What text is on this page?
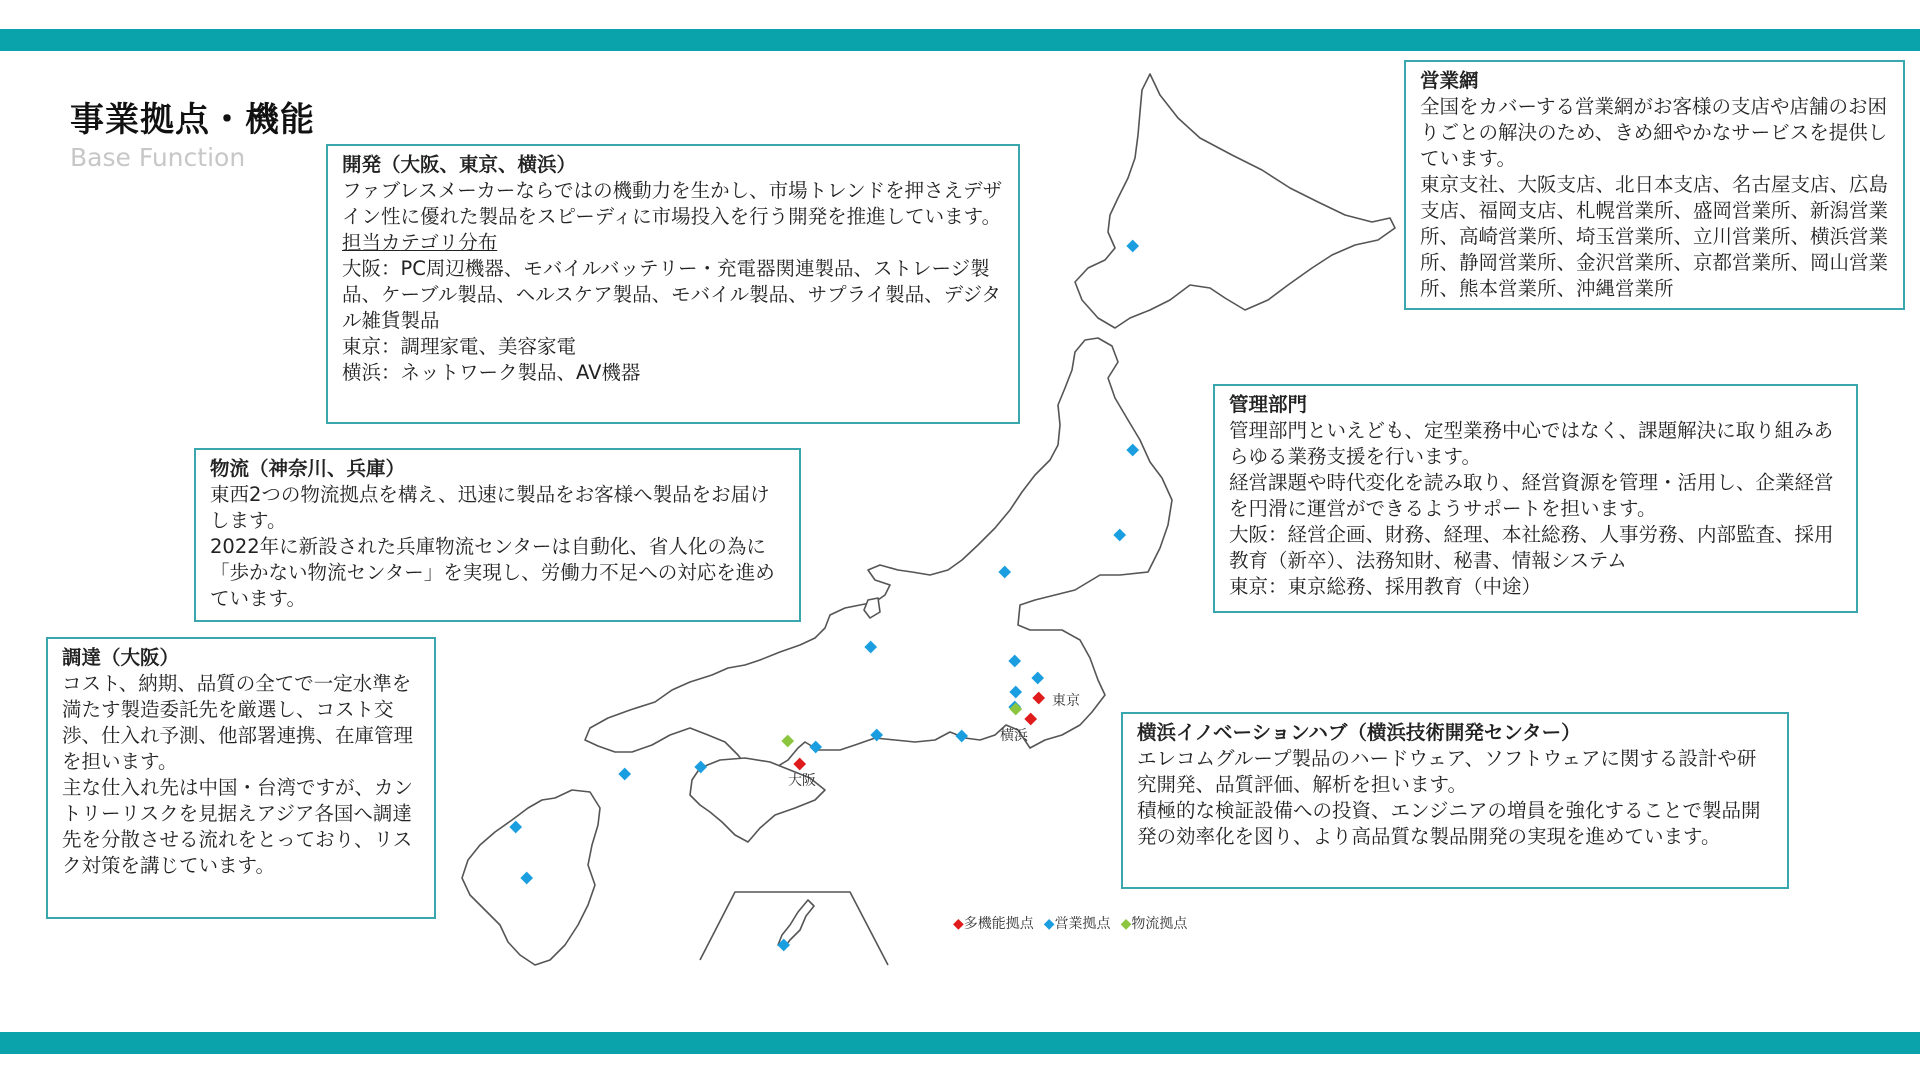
事業拠点・機能
Base Function
東京
横浜
大阪

開発（大阪、東京、横浜）

ファブレスメーカーならではの機動力を生かし、市場トレンドを押さえデザイン性に優れた製品をスピーディに市場投入を行う開発を推進しています。

担当カテゴリ分布

大阪：PC周辺機器、モバイルバッテリー・充電器関連製品、ストレージ製品、ケーブル製品、ヘルスケア製品、モバイル製品、サプライ製品、デジタル雑貨製品

東京：調理家電、美容家電

横浜：ネットワーク製品、AV機器

物流（神奈川、兵庫）

東西2つの物流拠点を構え、迅速に製品をお客様へ製品をお届けします。

2022年に新設された兵庫物流センターは自動化、省人化の為に「歩かない物流センター」を実現し、労働力不足への対応を進めています。

調達（大阪）

コスト、納期、品質の全てで一定水準を満たす製造委託先を厳選し、コスト交渉、仕入れ予測、他部署連携、在庫管理を担います。

主な仕入れ先は中国・台湾ですが、カントリーリスクを見据えアジア各国へ調達先を分散させる流れをとっており、リスク対策を講じています。

営業網

全国をカバーする営業網がお客様の支店や店舗のお困りごとの解決のため、きめ細やかなサービスを提供しています。

東京支社、大阪支店、北日本支店、名古屋支店、広島支店、福岡支店、札幌営業所、盛岡営業所、新潟営業所、高崎営業所、埼玉営業所、立川営業所、横浜営業所、静岡営業所、金沢営業所、京都営業所、岡山営業所、熊本営業所、沖縄営業所

管理部門

管理部門といえども、定型業務中心ではなく、課題解決に取り組みあらゆる業務支援を行います。

経営課題や時代変化を読み取り、経営資源を管理・活用し、企業経営を円滑に運営ができるようサポートを担います。

大阪：経営企画、財務、経理、本社総務、人事労務、内部監査、採用教育（新卒）、法務知財、秘書、情報システム

東京：東京総務、採用教育（中途）

横浜イノベーションハブ（横浜技術開発センター）

エレコムグループ製品のハードウェア、ソフトウェアに関する設計や研究開発、品質評価、解析を担います。

積極的な検証設備への投資、エンジニアの増員を強化することで製品開発の効率化を図り、より高品質な製品開発の実現を進めています。

◆多機能拠点 ◆営業拠点 ◆物流拠点
